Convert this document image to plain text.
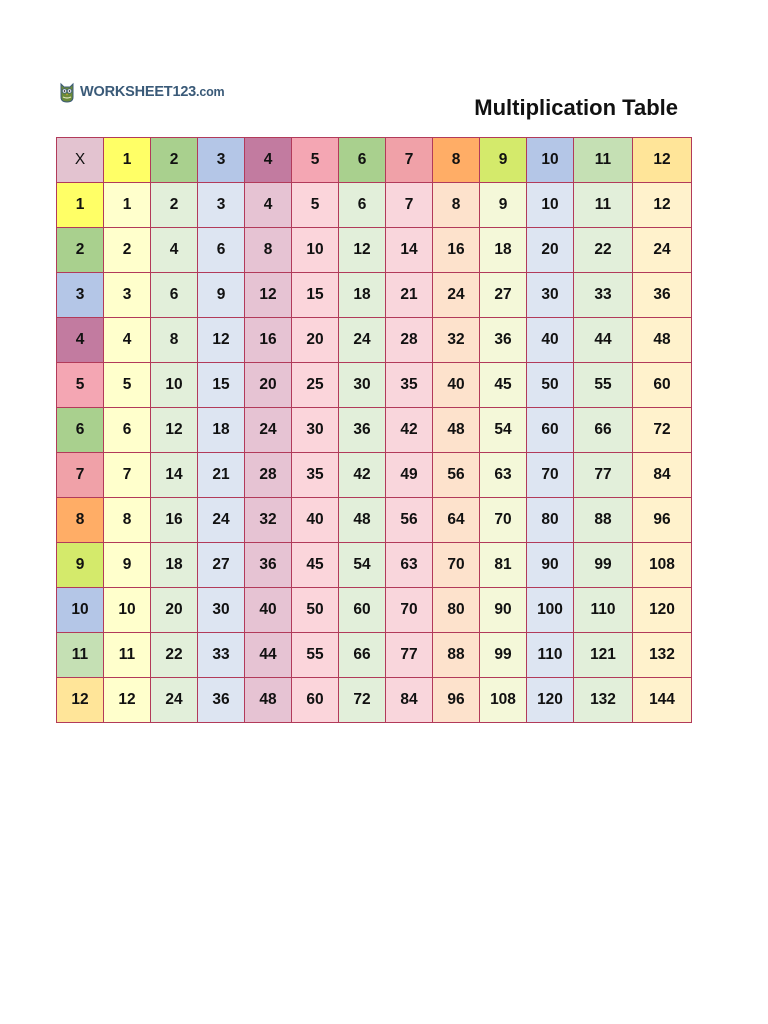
WORKSHEET123.com
Multiplication Table
X	1	2	3	4	5	6	7	8	9	10	11	12
1	1	2	3	4	5	6	7	8	9	10	11	12
2	2	4	6	8	10	12	14	16	18	20	22	24
3	3	6	9	12	15	18	21	24	27	30	33	36
4	4	8	12	16	20	24	28	32	36	40	44	48
5	5	10	15	20	25	30	35	40	45	50	55	60
6	6	12	18	24	30	36	42	48	54	60	66	72
7	7	14	21	28	35	42	49	56	63	70	77	84
8	8	16	24	32	40	48	56	64	70	80	88	96
9	9	18	27	36	45	54	63	70	81	90	99	108
10	10	20	30	40	50	60	70	80	90	100	110	120
11	11	22	33	44	55	66	77	88	99	110	121	132
12	12	24	36	48	60	72	84	96	108	120	132	144
